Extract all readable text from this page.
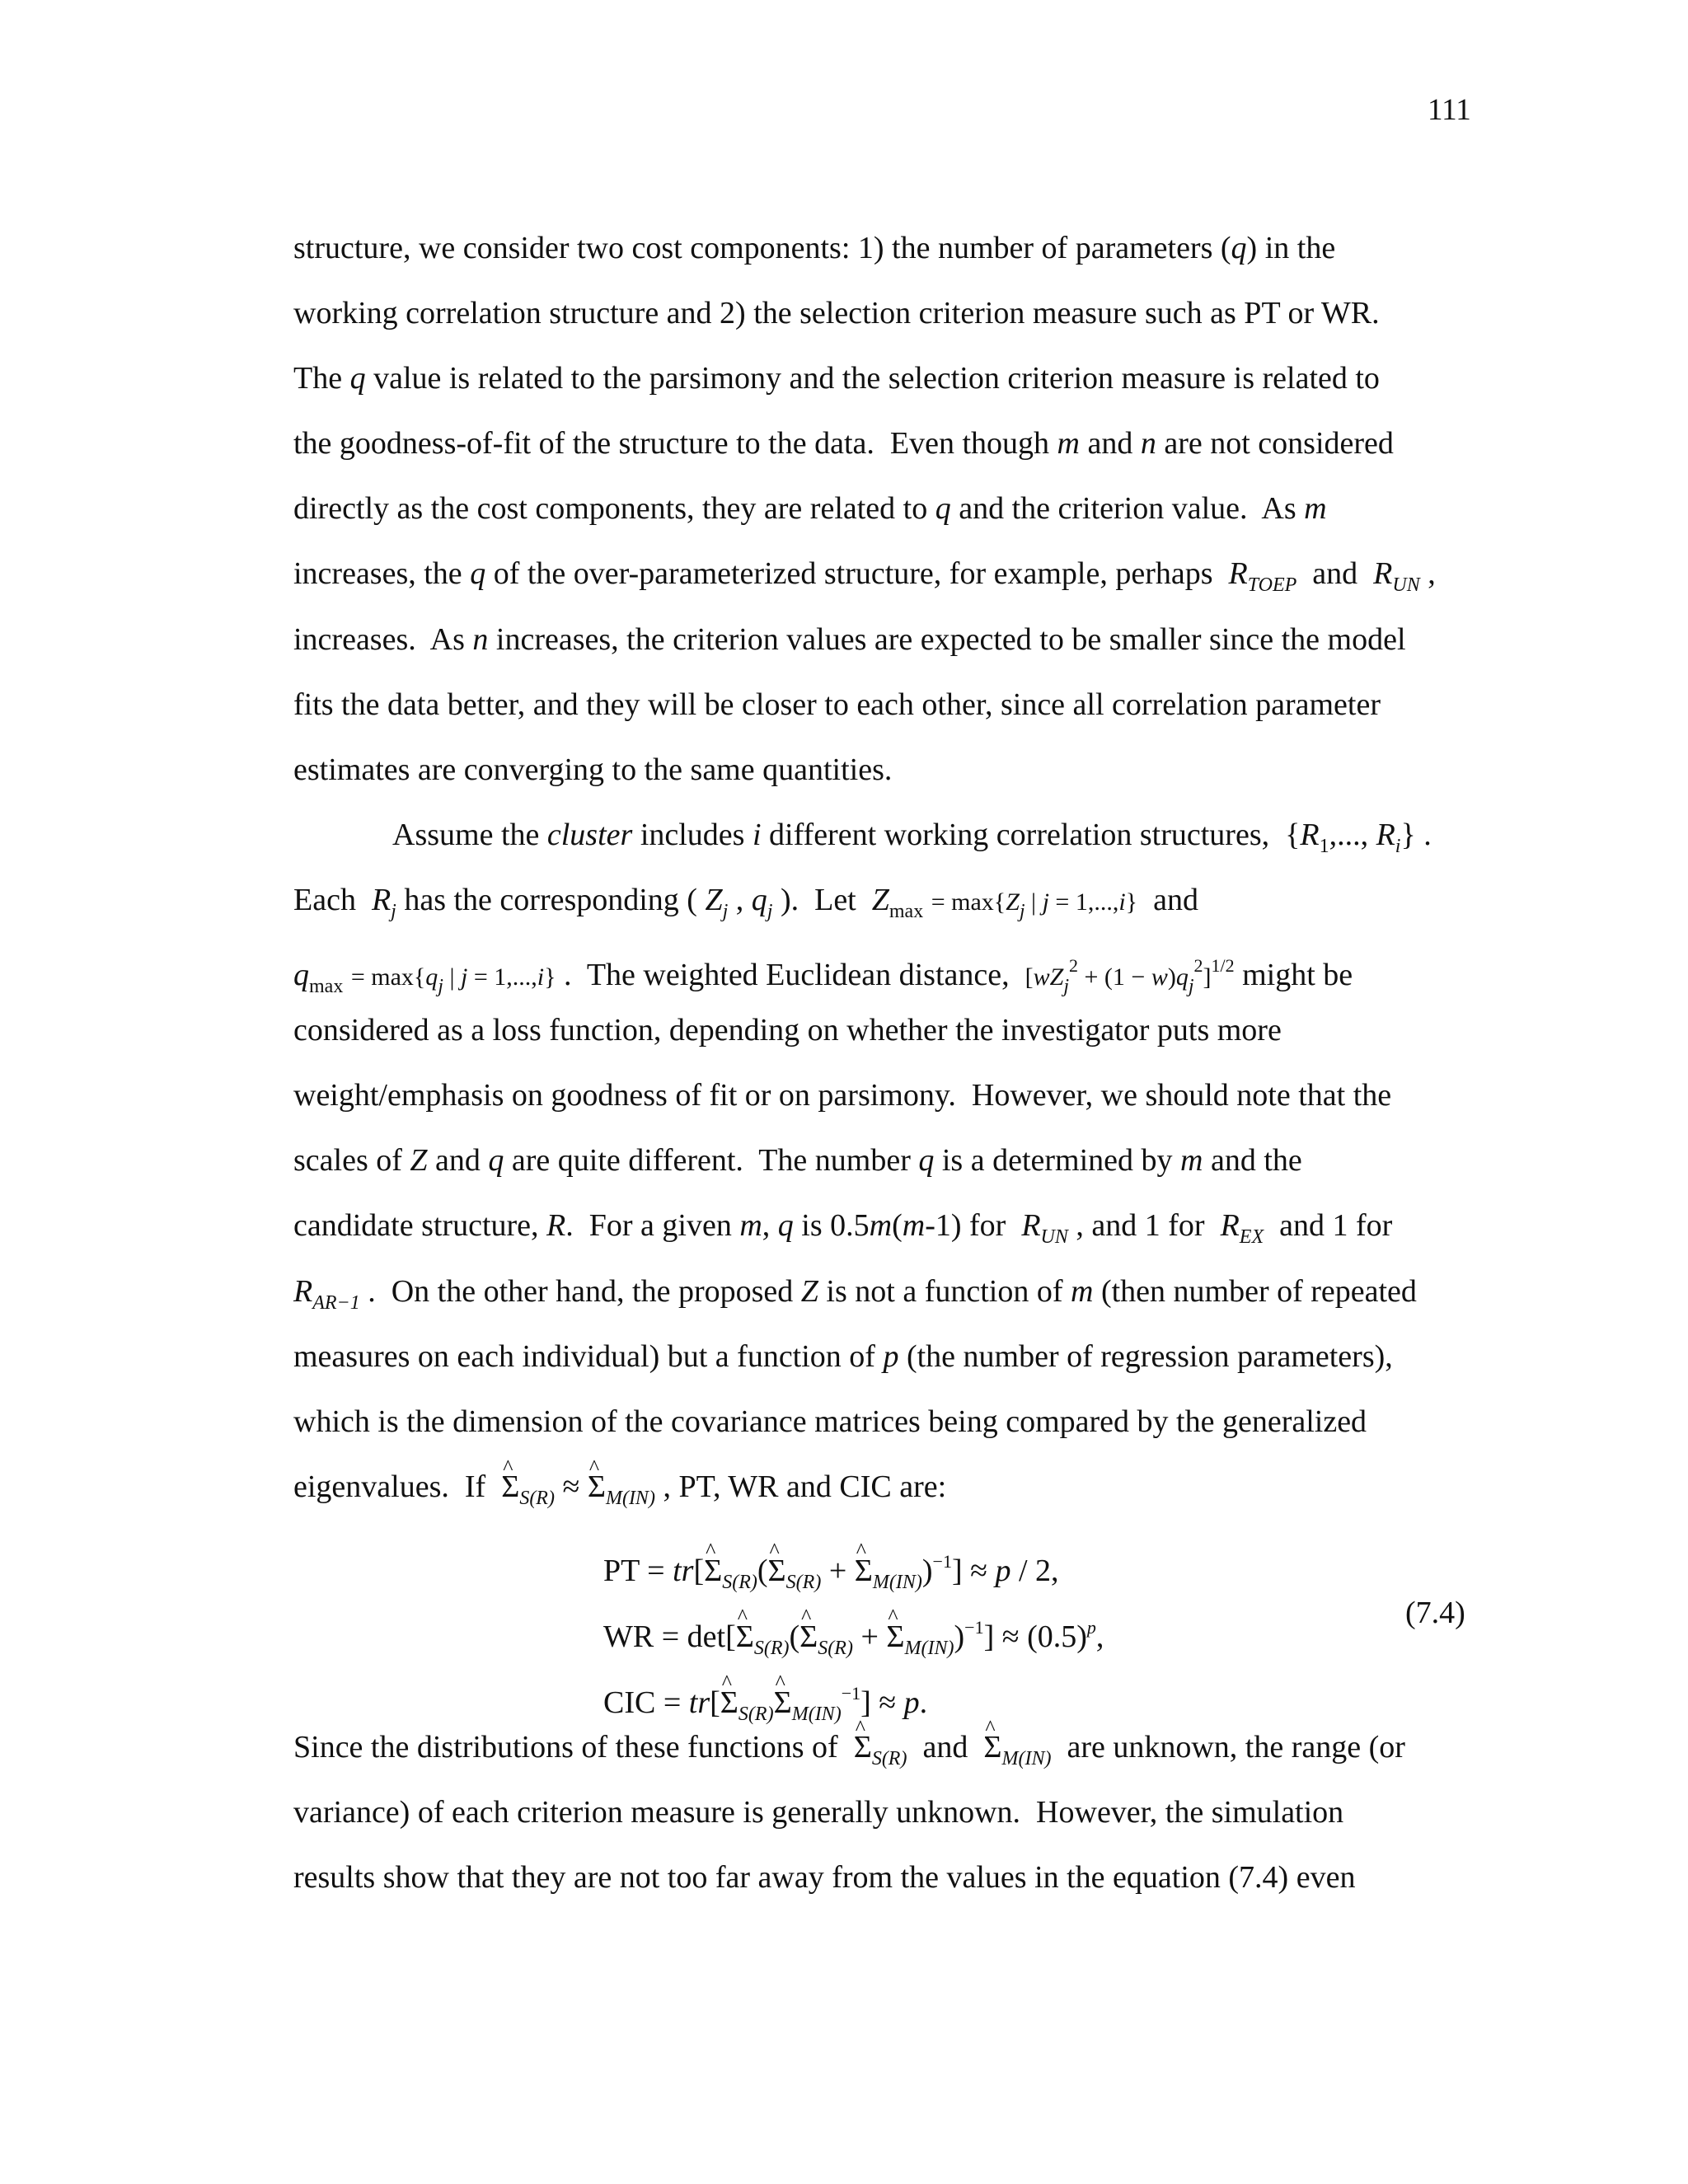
111
structure, we consider two cost components: 1) the number of parameters (q) in the
working correlation structure and 2) the selection criterion measure such as PT or WR.
The q value is related to the parsimony and the selection criterion measure is related to
the goodness-of-fit of the structure to the data.  Even though m and n are not considered
directly as the cost components, they are related to q and the criterion value.  As m
increases, the q of the over-parameterized structure, for example, perhaps  $R_{TOEP}$  and  $R_{UN}$ ,
increases.  As n increases, the criterion values are expected to be smaller since the model
fits the data better, and they will be closer to each other, since all correlation parameter
estimates are converging to the same quantities.
Assume the cluster includes i different working correlation structures,  {$R_1$,..., $R_i$} .
Each  $R_j$ has the corresponding ( $Z_j$ , $q_j$ ).  Let  $Z_{max} = \max\{Z_j$ | j = 1,...,i}  and
$q_{max} = \max\{q_j$ | j = 1,...,i} .  The weighted Euclidean distance,  $[wZ_j^2 + (1 - w)q_j^2]^{1/2}$ might be
considered as a loss function, depending on whether the investigator puts more
weight/emphasis on goodness of fit or on parsimony.  However, we should note that the
scales of Z and q are quite different.  The number q is a determined by m and the
candidate structure, R.  For a given m, q is 0.5m(m-1) for  $R_{UN}$ , and 1 for  $R_{EX}$  and 1 for
$R_{AR-1}$ .  On the other hand, the proposed Z is not a function of m (then number of repeated
measures on each individual) but a function of p (the number of regression parameters),
which is the dimension of the covariance matrices being compared by the generalized
eigenvalues.  If  ^ $\Sigma_{S(R)}$ ≈ ^ $\Sigma_{M(IN)}$ , PT, WR and CIC are:
Since the distributions of these functions of  ^ $\Sigma_{S(R)}$  and  ^ $\Sigma_{M(IN)}$  are unknown, the range (or
variance) of each criterion measure is generally unknown.  However, the simulation
results show that they are not too far away from the values in the equation (7.4) even
PT = tr[^ $\Sigma_{S(R)}(\^{}$ $\Sigma_{S(R)}$ + ^ $\Sigma_{M(IN)})^{-1}] \approx p / 2$,
WR = det[^ $\Sigma_{S(R)}(\^{}$ $\Sigma_{S(R)}$ + ^ $\Sigma_{M(IN)})^{-1}] \approx (0.5)^p$,
CIC = tr[^ $\Sigma_{S(R)}\^{}$ $\Sigma_{M(IN)}^{-1}] \approx p$.
(7.4)
